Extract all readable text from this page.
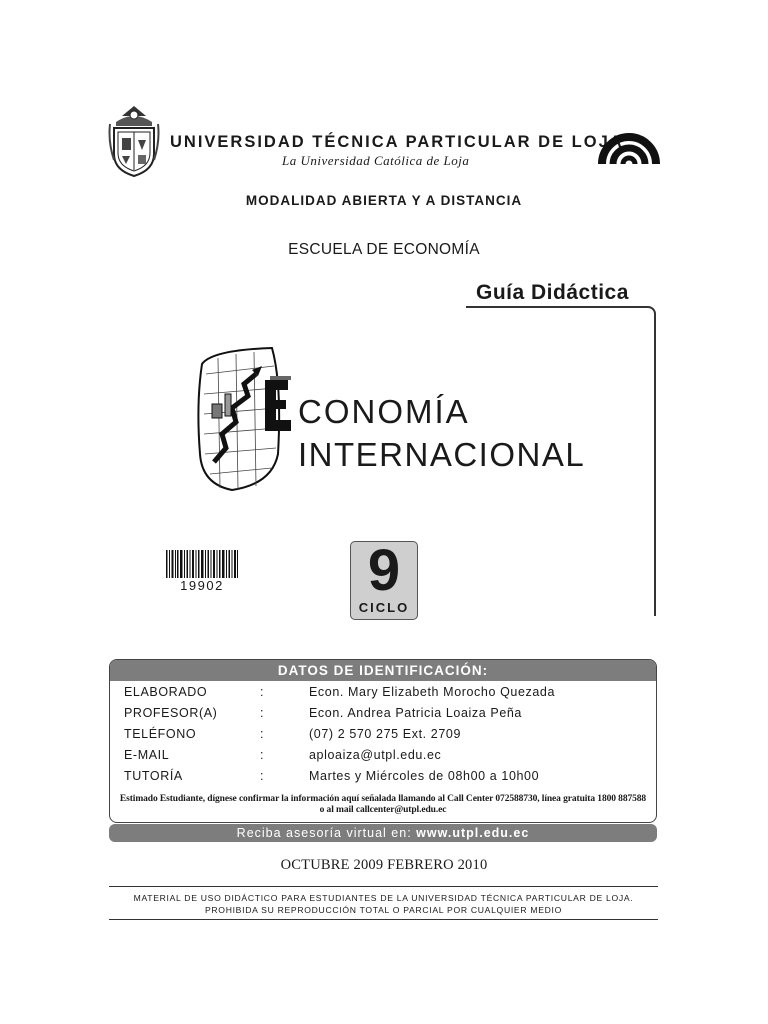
UNIVERSIDAD TÉCNICA PARTICULAR DE LOJA
La Universidad Católica de Loja
MODALIDAD ABIERTA Y A DISTANCIA
ESCUELA DE ECONOMÍA
Guía Didáctica
CONOMÍA
INTERNACIONAL
19902	9
CICLO
DATOS DE IDENTIFICACIÓN:
ELABORADO	:	Econ. Mary Elizabeth Morocho Quezada
PROFESOR(A)	:	Econ. Andrea Patricia Loaiza Peña
TELÉFONO	:	(07) 2 570 275 Ext. 2709
E-MAIL	:	aploaiza@utpl.edu.ec
TUTORÍA	:	Martes y Miércoles de 08h00 a 10h00
Estimado Estudiante, dígnese confirmar la información aquí señalada llamando al Call Center 072588730, línea gratuita 1800 887588
o al mail callcenter@utpl.edu.ec
Reciba asesoría virtual en: www.utpl.edu.ec
OCTUBRE 2009 FEBRERO 2010
MATERIAL DE USO DIDÁCTICO PARA ESTUDIANTES DE LA UNIVERSIDAD TÉCNICA PARTICULAR DE LOJA.
PROHIBIDA SU REPRODUCCIÓN TOTAL O PARCIAL POR CUALQUIER MEDIO
